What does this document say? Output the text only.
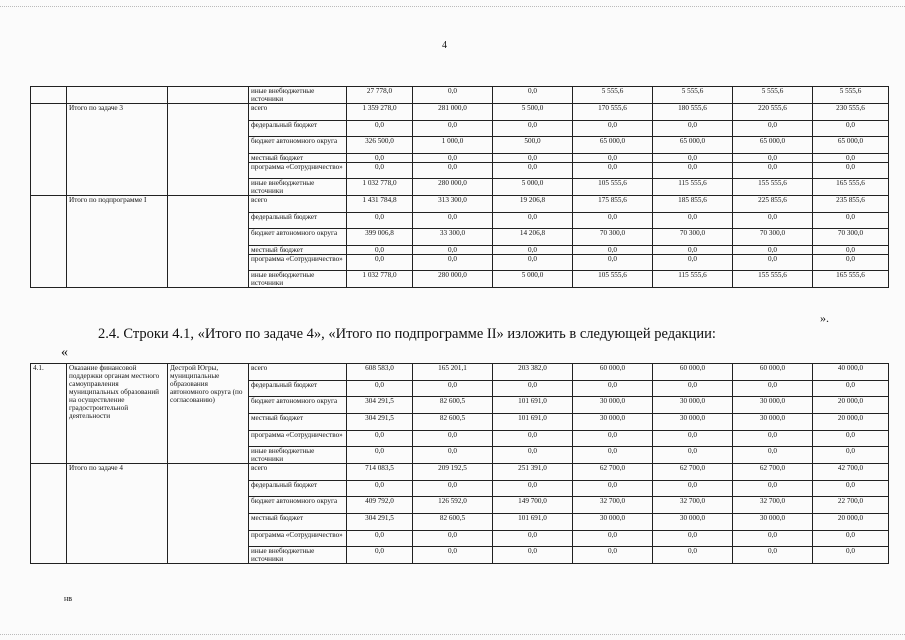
4
			иные внебюджетные источники	27 778,0	0,0	0,0	5 555,6	5 555,6	5 555,6	5 555,6	
	Итого по задаче 3		всего	1 359 278,0	281 000,0	5 500,0	170 555,6	180 555,6	220 555,6	230 555,6	
			федеральный бюджет	0,0	0,0	0,0	0,0	0,0	0,0	0,0	
			бюджет автономного округа	326 500,0	1 000,0	500,0	65 000,0	65 000,0	65 000,0	65 000,0	
			местный бюджет	0,0	0,0	0,0	0,0	0,0	0,0	0,0	
			программа «Сотрудничество»	0,0	0,0	0,0	0,0	0,0	0,0	0,0	
			иные внебюджетные источники	1 032 778,0	280 000,0	5 000,0	105 555,6	115 555,6	155 555,6	165 555,6	
	Итого по подпрограмме I		всего	1 431 784,8	313 300,0	19 206,8	175 855,6	185 855,6	225 855,6	235 855,6	
			федеральный бюджет	0,0	0,0	0,0	0,0	0,0	0,0	0,0	
			бюджет автономного округа	399 006,8	33 300,0	14 206,8	70 300,0	70 300,0	70 300,0	70 300,0	
			местный бюджет	0,0	0,0	0,0	0,0	0,0	0,0	0,0	
			программа «Сотрудничество»	0,0	0,0	0,0	0,0	0,0	0,0	0,0	
			иные внебюджетные источники	1 032 778,0	280 000,0	5 000,0	105 555,6	115 555,6	155 555,6	165 555,6	
».
2.4. Строки 4.1, «Итого по задаче 4», «Итого по подпрограмме II» изложить в следующей редакции:
«
4.1.	Оказание финансовой поддержки органам местного самоуправления муниципальных образований на осуществление градостроительной деятельности	Дестрой Югры, муниципальные образования автономного округа (по согласованию)	всего	608 583,0	165 201,1	203 382,0	60 000,0	60 000,0	60 000,0	40 000,0	
			федеральный бюджет	0,0	0,0	0,0	0,0	0,0	0,0	0,0	
			бюджет автономного округа	304 291,5	82 600,5	101 691,0	30 000,0	30 000,0	30 000,0	20 000,0	
			местный бюджет	304 291,5	82 600,5	101 691,0	30 000,0	30 000,0	30 000,0	20 000,0	
			программа «Сотрудничество»	0,0	0,0	0,0	0,0	0,0	0,0	0,0	
			иные внебюджетные источники	0,0	0,0	0,0	0,0	0,0	0,0	0,0	
	Итого по задаче 4		всего	714 083,5	209 192,5	251 391,0	62 700,0	62 700,0	62 700,0	42 700,0	
			федеральный бюджет	0,0	0,0	0,0	0,0	0,0	0,0	0,0	
			бюджет автономного округа	409 792,0	126 592,0	149 700,0	32 700,0	32 700,0	32 700,0	22 700,0	
			местный бюджет	304 291,5	82 600,5	101 691,0	30 000,0	30 000,0	30 000,0	20 000,0	
			программа «Сотрудничество»	0,0	0,0	0,0	0,0	0,0	0,0	0,0	
			иные внебюджетные источники	0,0	0,0	0,0	0,0	0,0	0,0	0,0	
нв
